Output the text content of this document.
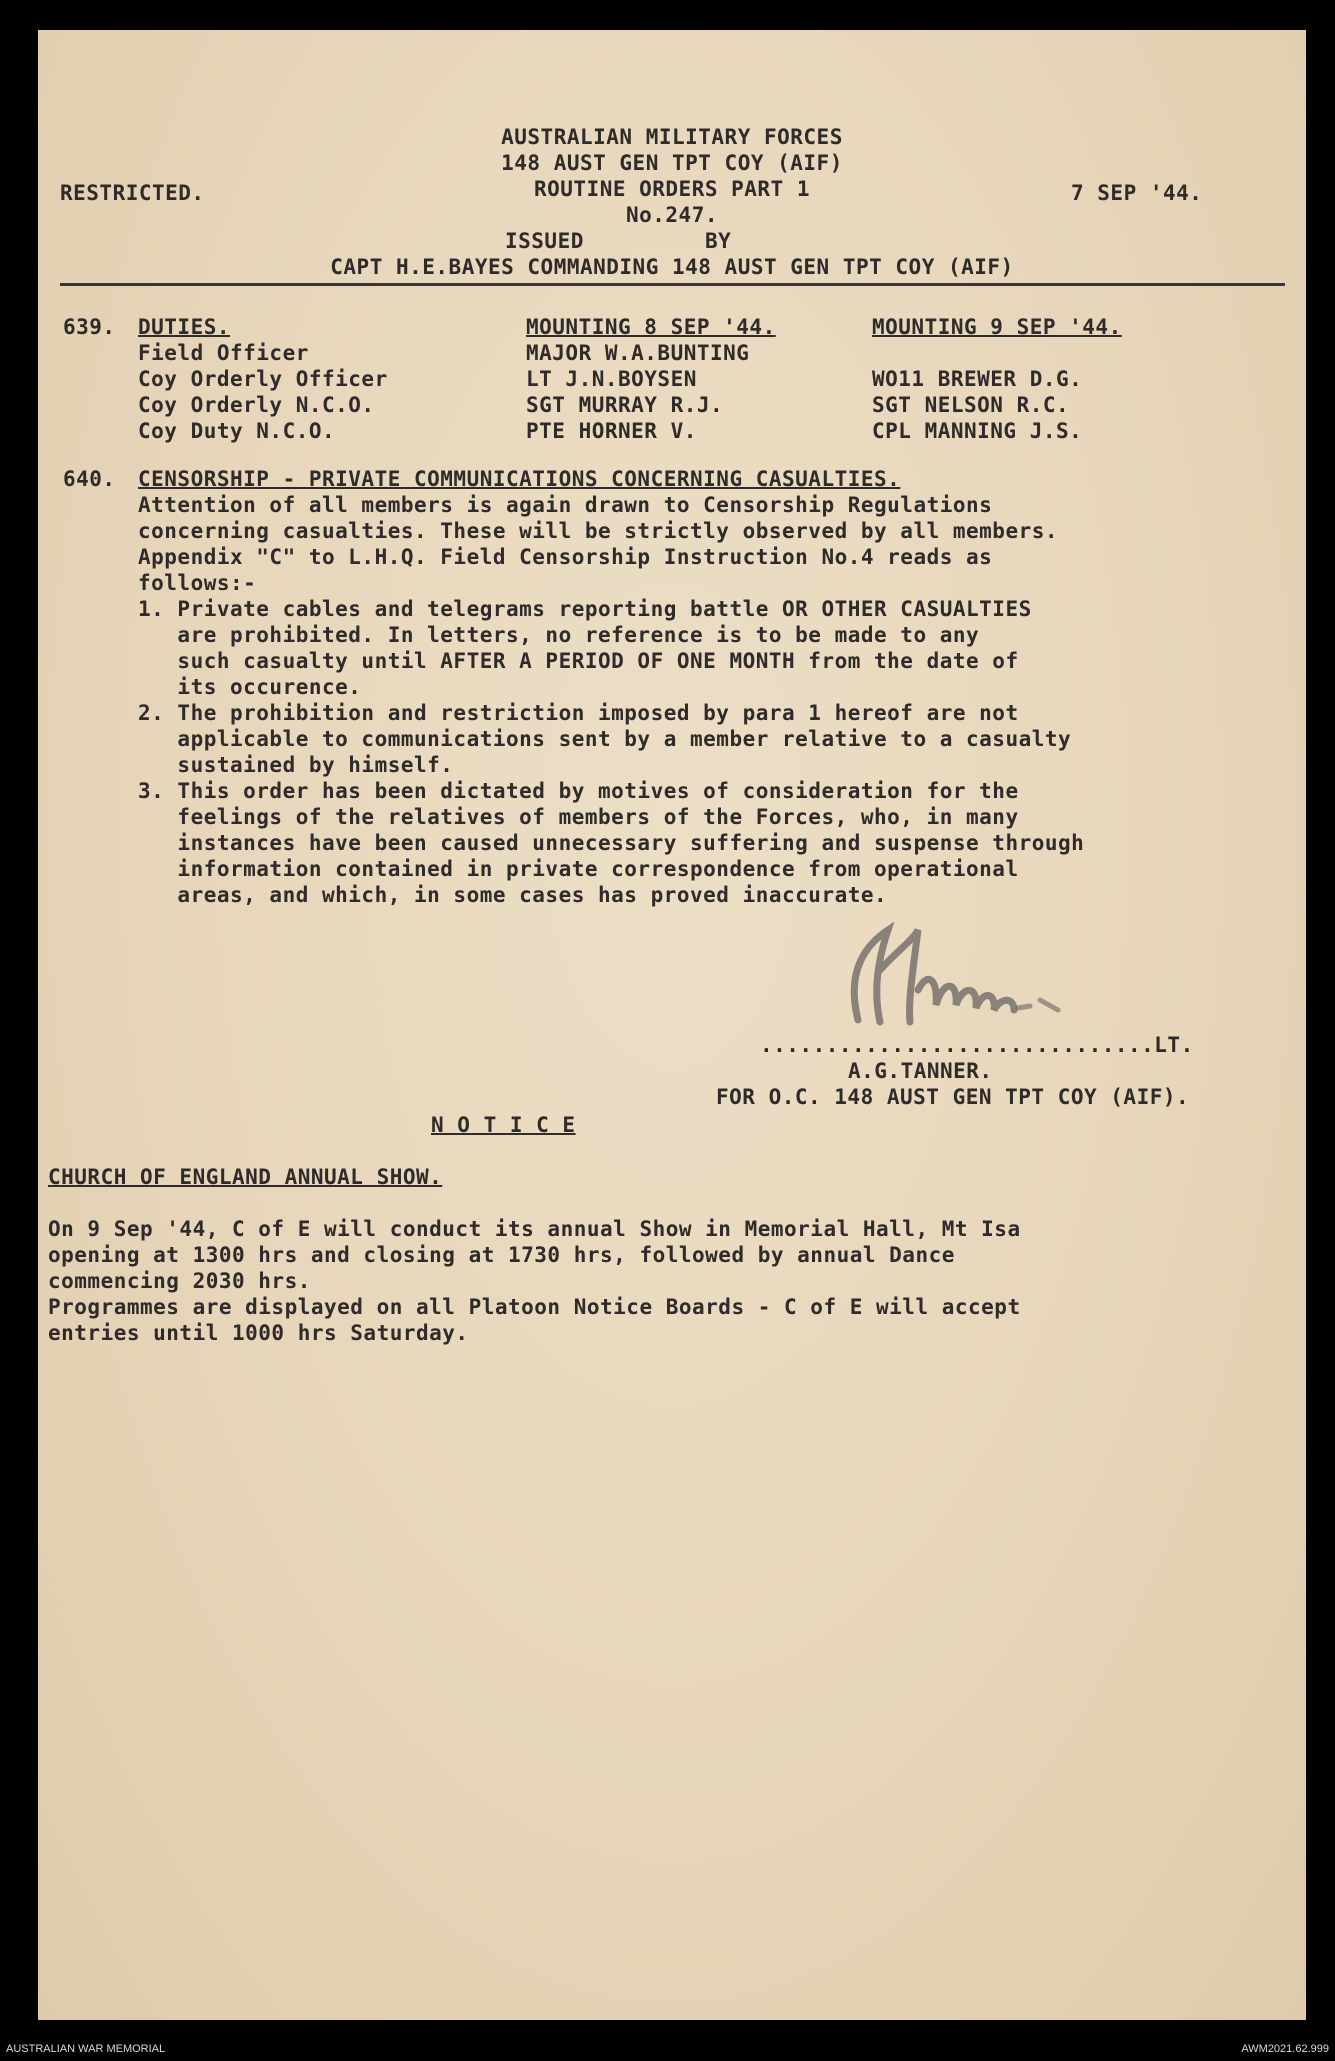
AUSTRALIAN MILITARY FORCES
148 AUST GEN TPT COY (AIF)
ROUTINE ORDERS PART 1
RESTRICTED.	7 SEP '44.
No.247.
ISSUED	BY
CAPT H.E.BAYES COMMANDING 148 AUST GEN TPT COY (AIF)
639. DUTIES.	MOUNTING 8 SEP '44.	MOUNTING 9 SEP '44.
Field Officer	MAJOR W.A.BUNTING
Coy Orderly Officer	LT J.N.BOYSEN	WO11 BREWER D.G.
Coy Orderly N.C.O.	SGT MURRAY R.J.	SGT NELSON R.C.
Coy Duty N.C.O.	PTE HORNER V.	CPL MANNING J.S.
640. CENSORSHIP - PRIVATE COMMUNICATIONS CONCERNING CASUALTIES.
Attention of all members is again drawn to Censorship Regulations
concerning casualties. These will be strictly observed by all members.
Appendix "C" to L.H.Q. Field Censorship Instruction No.4 reads as
follows:-
1. Private cables and telegrams reporting battle OR OTHER CASUALTIES
are prohibited. In letters, no reference is to be made to any
such casualty until AFTER A PERIOD OF ONE MONTH from the date of
its occurence.
2. The prohibition and restriction imposed by para 1 hereof are not
applicable to communications sent by a member relative to a casualty
sustained by himself.
3. This order has been dictated by motives of consideration for the
feelings of the relatives of members of the Forces, who, in many
instances have been caused unnecessary suffering and suspense through
information contained in private correspondence from operational
areas, and which, in some cases has proved inaccurate.
..............................LT.
A.G.TANNER.
FOR O.C. 148 AUST GEN TPT COY (AIF).
N O T I C E
CHURCH OF ENGLAND ANNUAL SHOW.
On 9 Sep '44, C of E will conduct its annual Show in Memorial Hall, Mt Isa
opening at 1300 hrs and closing at 1730 hrs, followed by annual Dance
commencing 2030 hrs.
Programmes are displayed on all Platoon Notice Boards - C of E will accept
entries until 1000 hrs Saturday.
AUSTRALIAN WAR MEMORIAL	AWM2021.62.999
